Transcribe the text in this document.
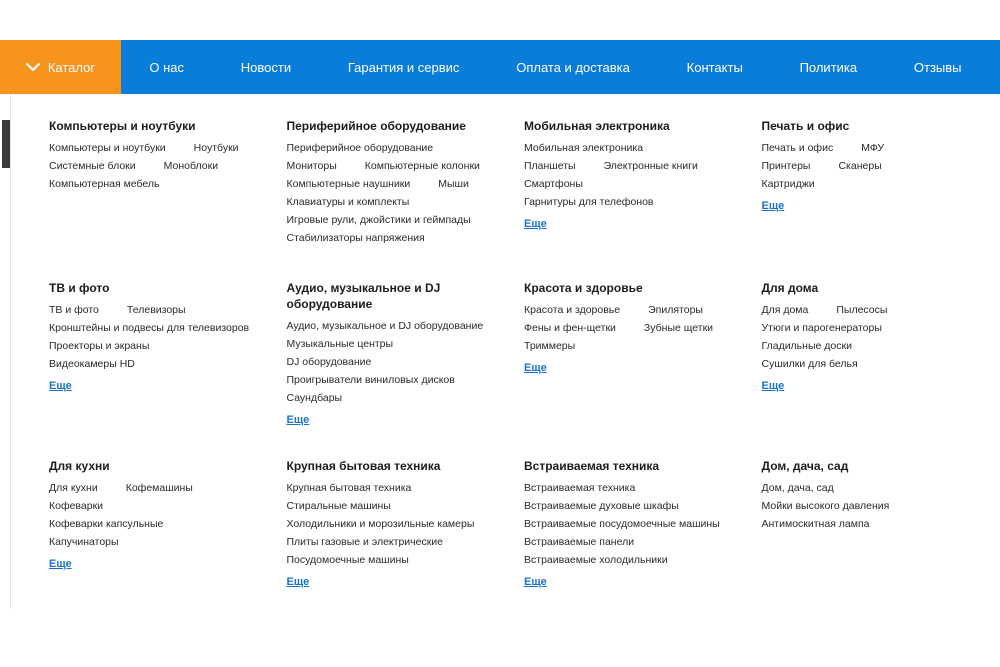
Каталог	О нас	Новости	Гарантия и сервис	Оплата и доставка	Контакты	Политика	Отзывы
Компьютеры и ноутбуки
Компьютеры и ноутбуки	Ноутбуки
Системные блоки	Моноблоки
Компьютерная мебель
Периферийное оборудование
Периферийное оборудование
Мониторы	Компьютерные колонки
Компьютерные наушники	Мыши
Клавиатуры и комплекты
Игровые рули, джойстики и геймпады
Стабилизаторы напряжения
Мобильная электроника
Мобильная электроника
Планшеты	Электронные книги
Смартфоны
Гарнитуры для телефонов
Еще
Печать и офис
Печать и офис	МФУ
Принтеры	Сканеры
Картриджи
Еще
ТВ и фото
ТВ и фото	Телевизоры
Кронштейны и подвесы для телевизоров
Проекторы и экраны
Видеокамеры HD
Еще
Аудио, музыкальное и DJ оборудование
Аудио, музыкальное и DJ оборудование
Музыкальные центры
DJ оборудование
Проигрыватели виниловых дисков
Саундбары
Еще
Красота и здоровье
Красота и здоровье	Эпиляторы
Фены и фен-щетки	Зубные щетки
Триммеры
Еще
Для дома
Для дома	Пылесосы
Утюги и парогенераторы
Гладильные доски
Сушилки для белья
Еще
Для кухни
Для кухни	Кофемашины
Кофеварки
Кофеварки капсульные
Капучинаторы
Еще
Крупная бытовая техника
Крупная бытовая техника
Стиральные машины
Холодильники и морозильные камеры
Плиты газовые и электрические
Посудомоечные машины
Еще
Встраиваемая техника
Встраиваемая техника
Встраиваемые духовые шкафы
Встраиваемые посудомоечные машины
Встраиваемые панели
Встраиваемые холодильники
Еще
Дом, дача, сад
Дом, дача, сад
Мойки высокого давления
Антимоскитная лампа
